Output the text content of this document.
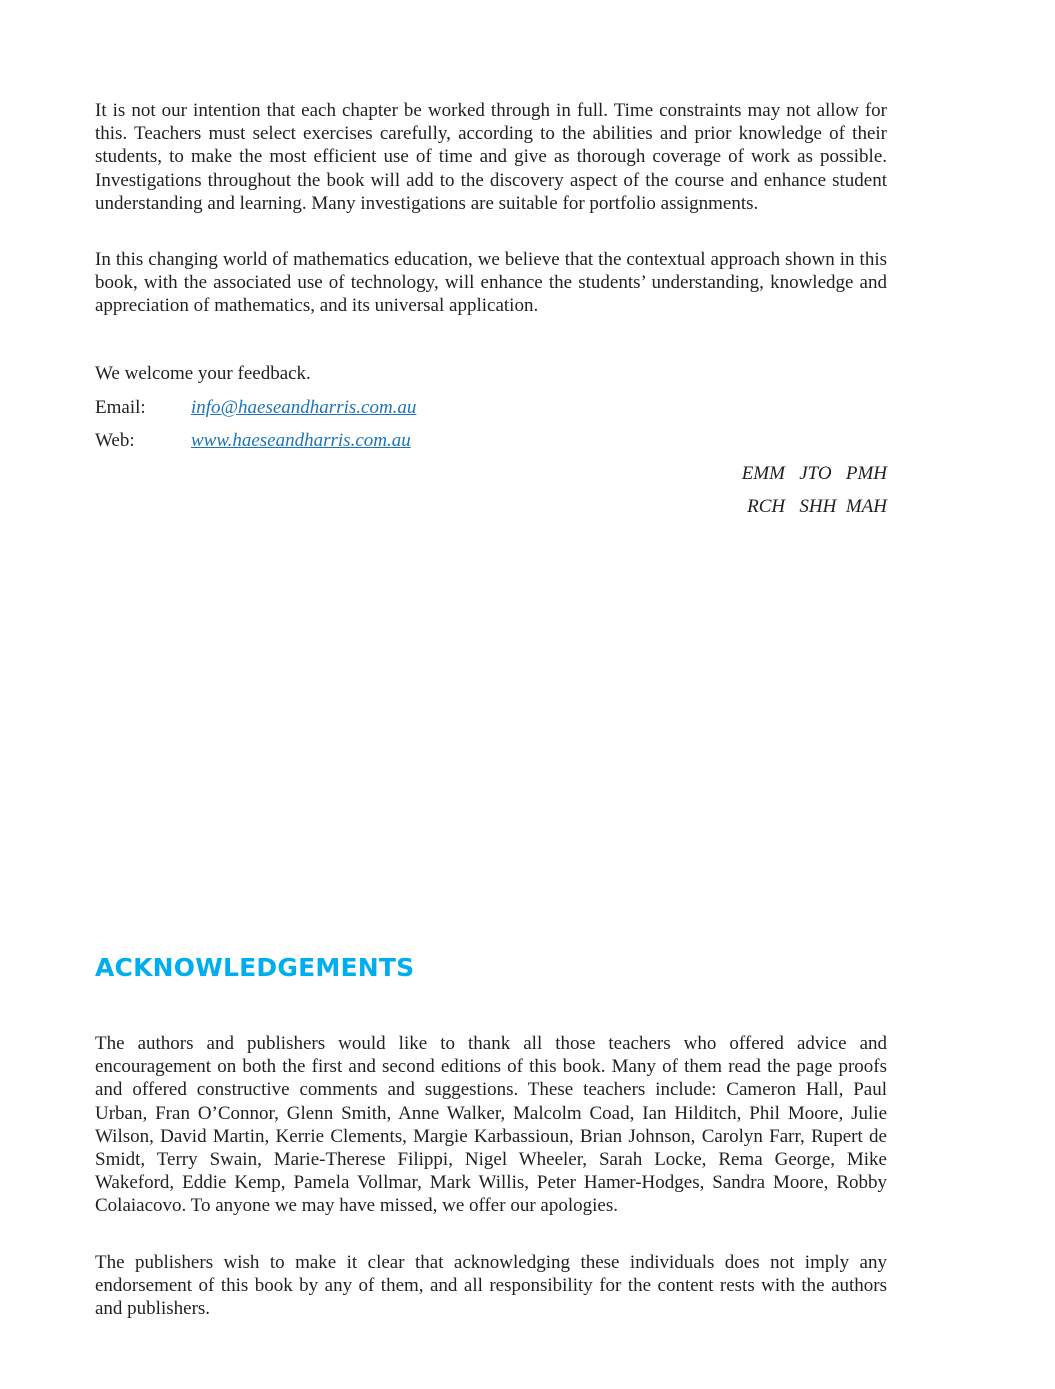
It is not our intention that each chapter be worked through in full. Time constraints may not allow for this. Teachers must select exercises carefully, according to the abilities and prior knowledge of their students, to make the most efficient use of time and give as thorough coverage of work as possible. Investigations throughout the book will add to the discovery aspect of the course and enhance student understanding and learning. Many investigations are suitable for portfolio assignments.

In this changing world of mathematics education, we believe that the contextual approach shown in this book, with the associated use of technology, will enhance the students’ understanding, knowledge and appreciation of mathematics, and its universal application.

We welcome your feedback.
Email: info@haeseandharris.com.au
Web:	www.haeseandharris.com.au
EMM   JTO   PMH
RCH   SHH  MAH
ACKNOWLEDGEMENTS

The authors and publishers would like to thank all those teachers who offered advice and encouragement on both the first and second editions of this book. Many of them read the page proofs and offered constructive comments and suggestions. These teachers include: Cameron Hall, Paul Urban, Fran O’Connor, Glenn Smith, Anne Walker, Malcolm Coad, Ian Hilditch, Phil Moore, Julie Wilson, David Martin, Kerrie Clements, Margie Karbassioun, Brian Johnson, Carolyn Farr, Rupert de Smidt, Terry Swain, Marie-Therese Filippi, Nigel Wheeler, Sarah Locke, Rema George, Mike Wakeford, Eddie Kemp, Pamela Vollmar, Mark Willis, Peter Hamer-Hodges, Sandra Moore, Robby Colaiacovo. To anyone we may have missed, we offer our apologies.

The publishers wish to make it clear that acknowledging these individuals does not imply any endorsement of this book by any of them, and all responsibility for the content rests with the authors and publishers.
